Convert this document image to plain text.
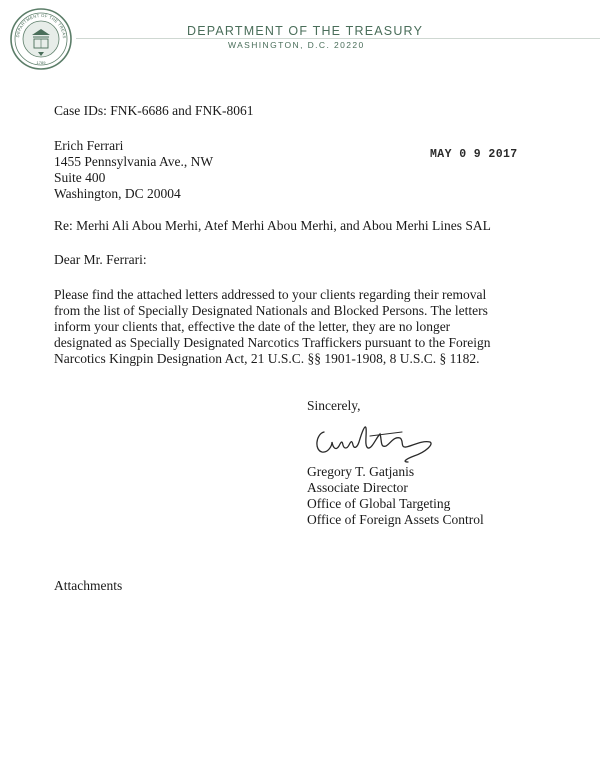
DEPARTMENT OF THE TREAS
1789
DEPARTMENT OF THE TREASURY
WASHINGTON, D.C. 20220
Case IDs: FNK-6686 and FNK-8061
Erich Ferrari
1455 Pennsylvania Ave., NW
Suite 400
Washington, DC 20004
MAY 0 9 2017
Re: Merhi Ali Abou Merhi, Atef Merhi Abou Merhi, and Abou Merhi Lines SAL
Dear Mr. Ferrari:
Please find the attached letters addressed to your clients regarding their removal
from the list of Specially Designated Nationals and Blocked Persons. The letters
inform your clients that, effective the date of the letter, they are no longer
designated as Specially Designated Narcotics Traffickers pursuant to the Foreign
Narcotics Kingpin Designation Act, 21 U.S.C. §§ 1901-1908, 8 U.S.C. § 1182.
Sincerely,
Gregory T. Gatjanis
Associate Director
Office of Global Targeting
Office of Foreign Assets Control
Attachments
